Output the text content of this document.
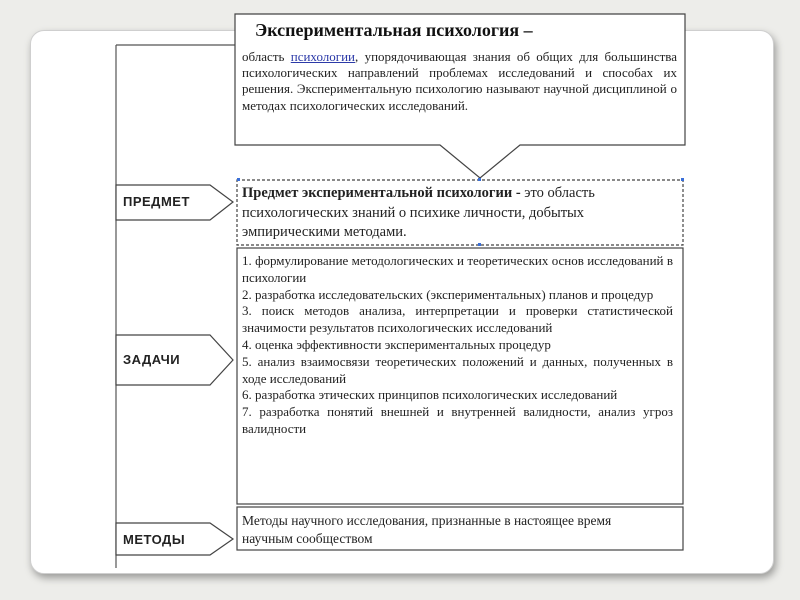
ПРЕДМЕТ
ЗАДАЧИ
МЕТОДЫ
Экспериментальная психология –
область психологии, упорядочивающая знания об общих для большинства психологических направлений проблемах исследований и способах их решения. Экспериментальную психологию называют научной дисциплиной о методах психологических исследований.
Предмет экспериментальной психологии - это область психологических знаний о психике личности, добытых эмпирическими методами.

1. формулирование методологических и теоретических основ исследований в психологии

2. разработка исследовательских (экспериментальных) планов и процедур

3. поиск методов анализа, интерпретации и проверки статистической значимости результатов психологических исследований

4. оценка эффективности экспериментальных процедур

5. анализ взаимосвязи теоретических положений и данных, полученных в ходе исследований

6. разработка этических принципов психологических исследований

7. разработка понятий внешней и внутренней валидности, анализ угроз валидности

Методы научного исследования, признанные в настоящее время научным сообществом
